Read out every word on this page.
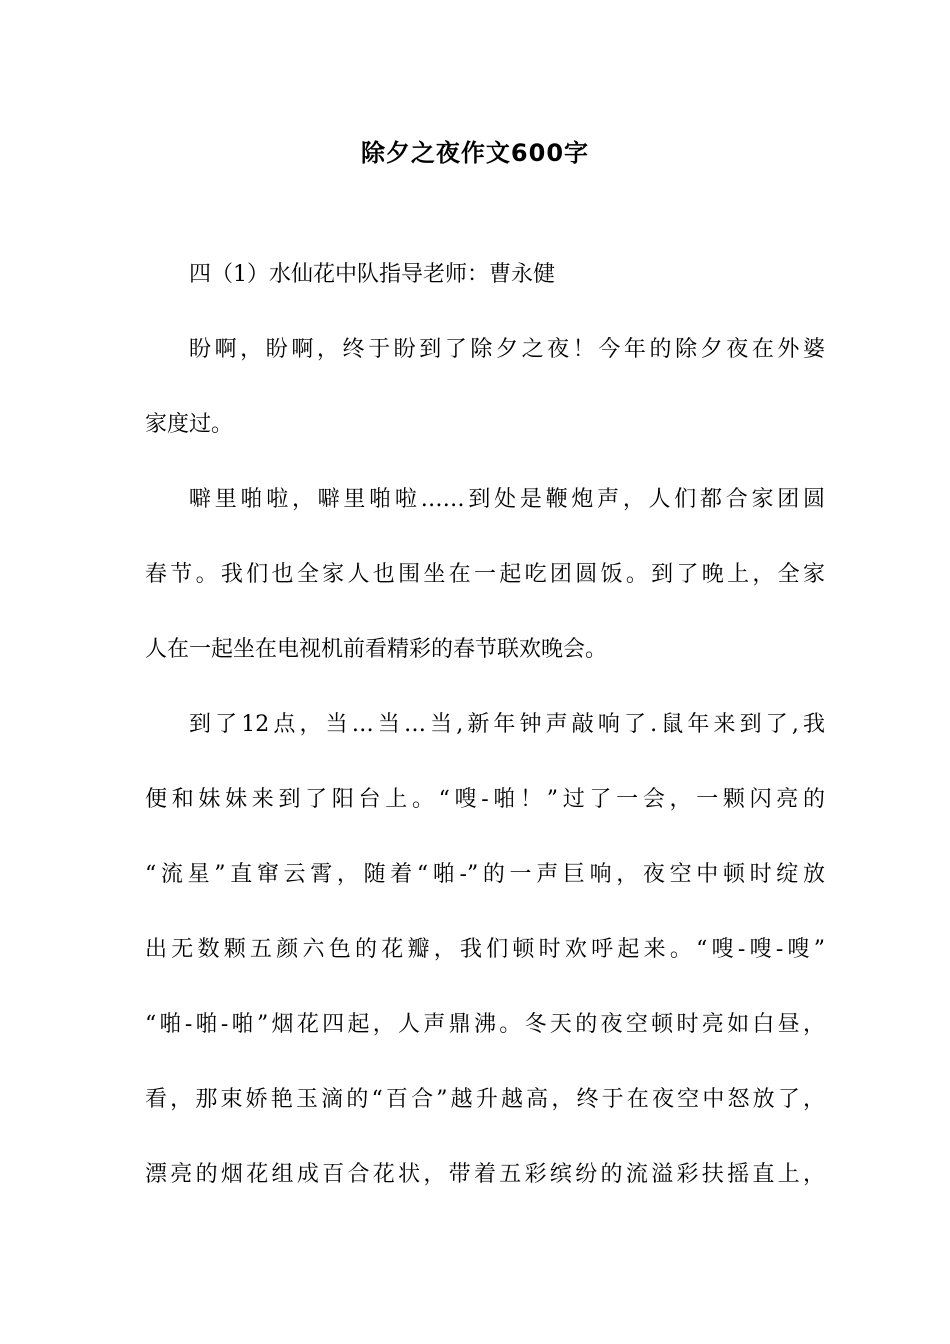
除夕之夜作文600字

四（1）水仙花中队指导老师：曹永健

盼啊，盼啊，终于盼到了除夕之夜！今年的除夕夜在外婆
家度过。

噼里啪啦，噼里啪啦……到处是鞭炮声，人们都合家团圆
春节。我们也全家人也围坐在一起吃团圆饭。到了晚上，全家
人在一起坐在电视机前看精彩的春节联欢晚会。

到了12点，当…当…当,新年钟声敲响了.鼠年来到了,我
便和妹妹来到了阳台上。“嗖-啪！”过了一会，一颗闪亮的
“流星”直窜云霄，随着“啪-”的一声巨响，夜空中顿时绽放
出无数颗五颜六色的花瓣，我们顿时欢呼起来。“嗖-嗖-嗖”
“啪-啪-啪”烟花四起，人声鼎沸。冬天的夜空顿时亮如白昼，
看，那束娇艳玉滴的“百合”越升越高，终于在夜空中怒放了，
漂亮的烟花组成百合花状，带着五彩缤纷的流溢彩扶摇直上，
